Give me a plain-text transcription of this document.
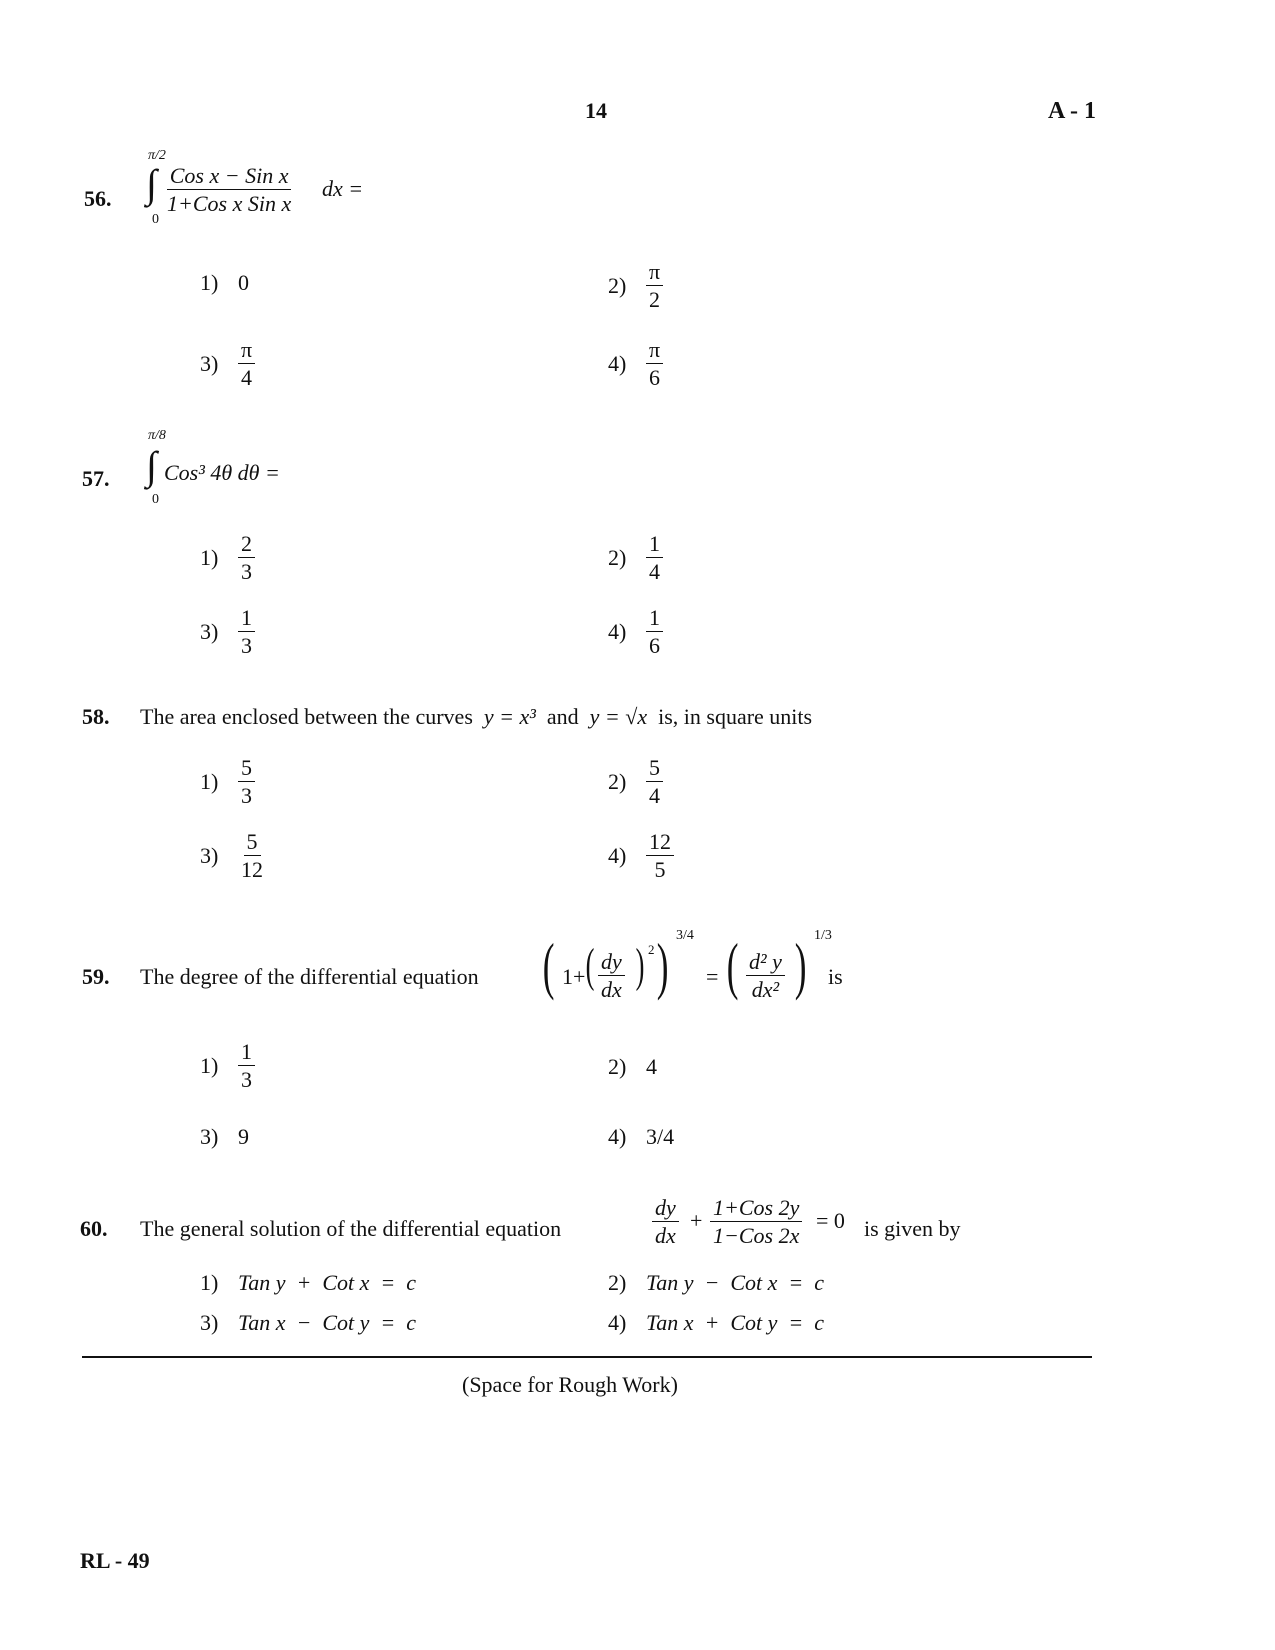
14	A - 1
56.
π/2
∫
0
Cos x − Sin x
1+Cos x Sin x
dx =
1) 0	$2) \frac{\pi}{2}$
$3) \frac{\pi}{4}$	$4) \frac{\pi}{6}$
57.
π/8
∫
0
Cos³ 4θ dθ =
$1) \frac{2}{3}$	$2) \frac{1}{4}$
$3) \frac{1}{3}$	$4) \frac{1}{6}$
58. The area enclosed between the curves y = x³ and y = √x is, in square units
$1) \frac{5}{3}$	$2) \frac{5}{4}$
$3) \frac{5}{12}$	$4) \frac{12}{5}$
59. The degree of the differential equation ( 1+ ( $\frac{dy}{dx}$ ) 2 ) 3/4
= ( $\frac{\text{d² y}}{\text{dx²}}$ ) 1/3
is
$1) \frac{1}{3}$	2) 4
3) 9	4) 3/4
60. The general solution of the differential equation	$\frac{dy}{dx}$ +
1+Cos 2y
1−Cos 2x
= 0 is given by
1) Tan y  +  Cot x  =  c	2) Tan y  −  Cot x  =  c
3) Tan x  −  Cot y  =  c	4) Tan x  +  Cot y  =  c
(Space for Rough Work)
RL - 49
